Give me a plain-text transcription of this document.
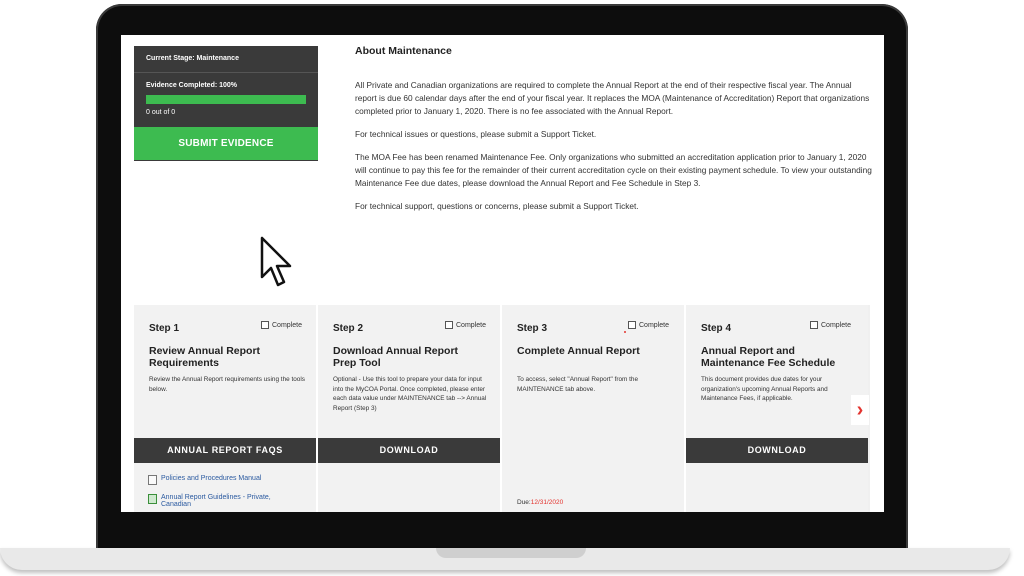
Current Stage: Maintenance
Evidence Completed: 100%
0 out of 0
SUBMIT EVIDENCE
About Maintenance

All Private and Canadian organizations are required to complete the Annual Report at the end of their respective fiscal year. The Annual report is due 60 calendar days after the end of your fiscal year. It replaces the MOA (Maintenance of Accreditation) Report that organizations completed prior to January 1, 2020. There is no fee associated with the Annual Report.

For technical issues or questions, please submit a Support Ticket.

The MOA Fee has been renamed Maintenance Fee. Only organizations who submitted an accreditation application prior to January 1, 2020 will continue to pay this fee for the remainder of their current accreditation cycle on their existing payment schedule. To view your outstanding Maintenance Fee due dates, please download the Annual Report and Fee Schedule in Step 3.

For technical support, questions or concerns, please submit a Support Ticket.

Step 1	Complete
Review Annual Report Requirements
Review the Annual Report requirements using the tools below.
ANNUAL REPORT FAQS
Policies and Procedures Manual
Annual Report Guidelines - Private, Canadian
Step 2	Complete
Download Annual Report Prep Tool
Optional - Use this tool to prepare your data for input into the MyCOA Portal. Once completed, please enter each data value under MAINTENANCE tab --> Annual Report (Step 3)
DOWNLOAD
Step 3	Complete
Complete Annual Report
To access, select "Annual Report" from the MAINTENANCE tab above.
Due:12/31/2020
Step 4	Complete
Annual Report and Maintenance Fee Schedule
This document provides due dates for your organization's upcoming Annual Reports and Maintenance Fees, if applicable.
DOWNLOAD
›
